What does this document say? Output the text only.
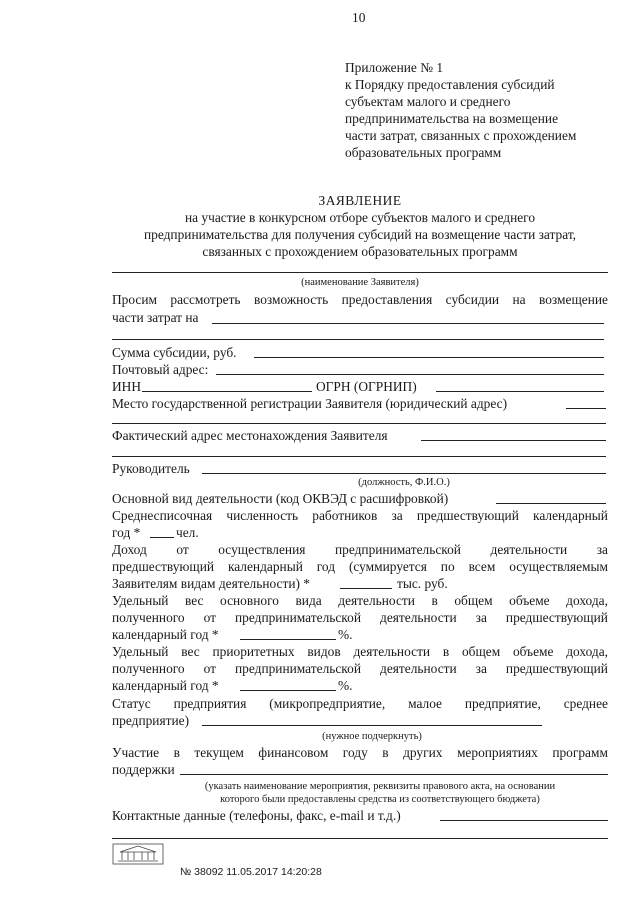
10
Приложение № 1
к Порядку предоставления субсидий
субъектам малого и среднего
предпринимательства на возмещение
части затрат, связанных с прохождением
образовательных программ
ЗАЯВЛЕНИЕ
на участие в конкурсном отборе субъектов малого и среднего
предпринимательства для получения субсидий на возмещение части затрат,
связанных с прохождением образовательных программ
(наименование Заявителя)
Просим рассмотреть возможность предоставления субсидии на возмещение
части затрат на
Сумма субсидии, руб.
Почтовый адрес:
ИНН	ОГРН (ОГРНИП)
Место государственной регистрации Заявителя (юридический адрес)
Фактический адрес местонахождения Заявителя
Руководитель
(должность, Ф.И.О.)
Основной вид деятельности (код ОКВЭД с расшифровкой)
Среднесписочная численность работников за предшествующий календарный
год *	чел.
Доход от осуществления предпринимательской деятельности за
предшествующий календарный год (суммируется по всем осуществляемым
Заявителям видам деятельности) *	тыс. руб.
Удельный вес основного вида деятельности в общем объеме дохода,
полученного от предпринимательской деятельности за предшествующий
календарный год *	%.
Удельный вес приоритетных видов деятельности в общем объеме дохода,
полученного от предпринимательской деятельности за предшествующий
календарный год *	%.
Статус предприятия (микропредприятие, малое предприятие, среднее
предприятие)
(нужное подчеркнуть)
Участие в текущем финансовом году в других мероприятиях программ
поддержки
(указать наименование мероприятия, реквизиты правового акта, на основании
которого были предоставлены средства из соответствующего бюджета)
Контактные данные (телефоны, факс, e-mail и т.д.)
№ 38092 11.05.2017 14:20:28
